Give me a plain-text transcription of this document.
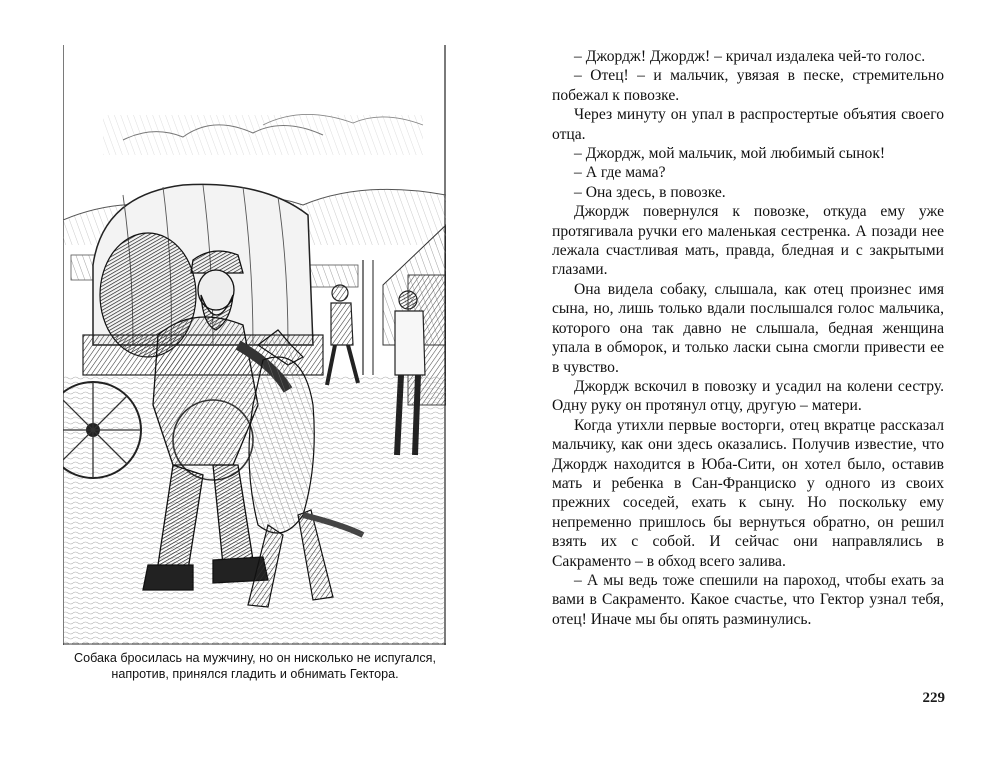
Собака бросилась на мужчину, но он нисколько не испугался,
напротив, принялся гладить и обнимать Гектора.

– Джордж! Джордж! – кричал издалека чей-то голос.

– Отец! – и мальчик, увязая в песке, стремительно побежал к повозке.

Через минуту он упал в распростертые объятия своего отца.

– Джордж, мой мальчик, мой любимый сынок!

– А где мама?

– Она здесь, в повозке.

Джордж повернулся к повозке, откуда ему уже протягивала ручки его маленькая сестренка. А позади нее лежала счастливая мать, правда, бледная и с закрытыми глазами.

Она видела собаку, слышала, как отец произнес имя сына, но, лишь только вдали послышался голос мальчика, которого она так давно не слышала, бедная женщина упала в обморок, и только ласки сына смогли привести ее в чувство.

Джордж вскочил в повозку и усадил на колени сестру. Одну руку он протянул отцу, другую – матери.

Когда утихли первые восторги, отец вкратце рассказал мальчику, как они здесь оказались. Получив известие, что Джордж находится в Юба-Сити, он хотел было, оставив мать и ребенка в Сан-Франциско у одного из своих прежних соседей, ехать к сыну. Но поскольку ему непременно пришлось бы вернуться обратно, он решил взять их с собой. И сейчас они направлялись в Сакраменто – в обход всего залива.

– А мы ведь тоже спешили на пароход, чтобы ехать за вами в Сакраменто. Какое счастье, что Гектор узнал тебя, отец! Иначе мы бы опять разминулись.

229
